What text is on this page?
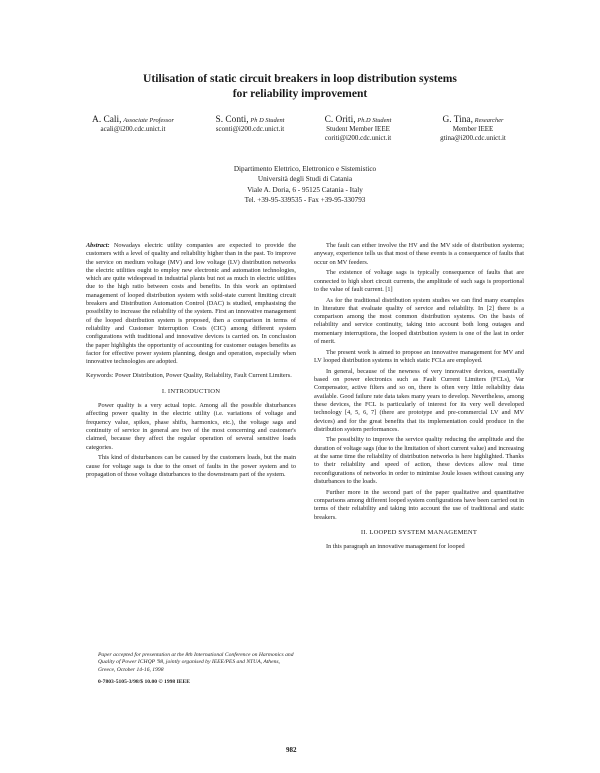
Utilisation of static circuit breakers in loop distribution systems
for reliability improvement
A. Cali, Associate Professor
acali@i200.cdc.unict.it
S. Conti, Ph D Student
sconti@i200.cdc.unict.it
C. Oriti, Ph.D Student
Student Member IEEE
coriti@i200.cdc.unict.it
G. Tina, Researcher
Member IEEE
gtina@i200.cdc.unict.it
Dipartimento Elettrico, Elettronico e Sistemistico
Università degli Studi di Catania
Viale A. Doria, 6 - 95125 Catania - Italy
Tel. +39-95-339535 - Fax +39-95-330793

Abstract: Nowadays electric utility companies are expected to provide the customers with a level of quality and reliability higher than in the past. To improve the service on medium voltage (MV) and low voltage (LV) distribution networks the electric utilities ought to employ new electronic and automation technologies, which are quite widespread in industrial plants but not as much in electric utilities due to the high ratio between costs and benefits. In this work an optimised management of looped distribution system with solid-state current limiting circuit breakers and Distribution Automation Control (DAC) is studied, emphasising the possibility to increase the reliability of the system. First an innovative management of the looped distribution system is proposed, then a comparison in terms of reliability and Customer Interruption Costs (CIC) among different system configurations with traditional and innovative devices is carried on. In conclusion the paper highlights the opportunity of accounting for customer outages benefits as factor for effective power system planning, design and operation, especially when innovative technologies are adopted.

Keywords: Power Distribution, Power Quality, Reliability, Fault Current Limiters.

I. INTRODUCTION

Power quality is a very actual topic. Among all the possible disturbances affecting power quality in the electric utility (i.e. variations of voltage and frequency value, spikes, phase shifts, harmonics, etc.), the voltage sags and continuity of service in general are two of the most concerning and customer's claimed, because they affect the regular operation of several sensitive loads categories.

This kind of disturbances can be caused by the customers loads, but the main cause for voltage sags is due to the onset of faults in the power system and to propagation of those voltage disturbances to the downstream part of the system.

Paper accepted for presentation at the 8th International Conference on Harmonics and Quality of Power ICHQP '98, jointly organised by IEEE/PES and NTUA, Athens, Greece, October 14-16, 1998
0-7803-5105-3/98/$ 10.00 © 1998 IEEE

The fault can either involve the HV and the MV side of distribution systems; anyway, experience tells us that most of these events is a consequence of faults that occur on MV feeders.

The existence of voltage sags is typically consequence of faults that are connected to high short circuit currents, the amplitude of such sags is proportional to the value of fault current. [1]

As for the traditional distribution system studies we can find many examples in literature that evaluate quality of service and reliability. In [2] there is a comparison among the most common distribution systems. On the basis of reliability and service continuity, taking into account both long outages and momentary interruptions, the looped distribution system is one of the last in order of merit.

The present work is aimed to propose an innovative management for MV and LV looped distribution systems in which static FCLs are employed.

In general, because of the newness of very innovative devices, essentially based on power electronics such as Fault Current Limiters (FCLs), Var Compensator, active filters and so on, there is often very little reliability data available. Good failure rate data takes many years to develop. Nevertheless, among these devices, the FCL is particularly of interest for its very well developed technology [4, 5, 6, 7] (there are prototype and pre-commercial LV and MV devices) and for the great benefits that its implementation could produce in the distribution system performances.

The possibility to improve the service quality reducing the amplitude and the duration of voltage sags (due to the limitation of short current value) and increasing at the same time the reliability of distribution networks is here highlighted. Thanks to their reliability and speed of action, these devices allow real time reconfigurations of networks in order to minimise Joule losses without causing any disturbances to the loads.

Further more in the second part of the paper qualitative and quantitative comparisons among different looped system configurations have been carried out in terms of their reliability and taking into account the use of traditional and static breakers.

II. LOOPED SYSTEM MANAGEMENT

In this paragraph an innovative management for looped

982
